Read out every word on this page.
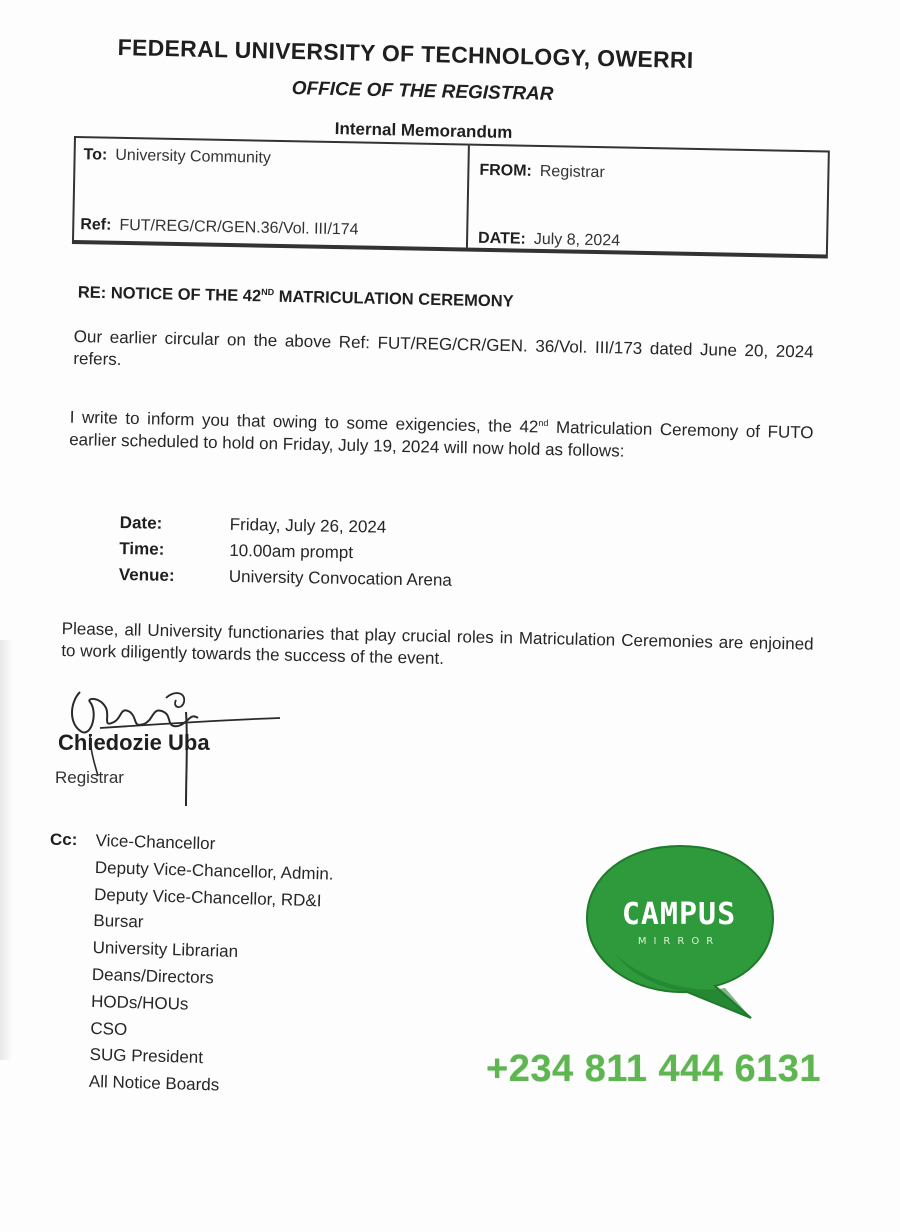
FEDERAL UNIVERSITY OF TECHNOLOGY, OWERRI
OFFICE OF THE REGISTRAR
Internal Memorandum
To: University Community
Ref: FUT/REG/CR/GEN.36/Vol. III/174
FROM: Registrar
DATE: July 8, 2024
RE: NOTICE OF THE 42ND MATRICULATION CEREMONY
Our earlier circular on the above Ref: FUT/REG/CR/GEN. 36/Vol. III/173 dated June 20, 2024 refers.
I write to inform you that owing to some exigencies, the 42nd Matriculation Ceremony of FUTO earlier scheduled to hold on Friday, July 19, 2024 will now hold as follows:
Date:	Friday, July 26, 2024
Time:	10.00am prompt
Venue:	University Convocation Arena
Please, all University functionaries that play crucial roles in Matriculation Ceremonies are enjoined to work diligently towards the success of the event.
Chiedozie Uba
Registrar
Cc: Vice-Chancellor
Deputy Vice-Chancellor, Admin.
Deputy Vice-Chancellor, RD&I
Bursar
University Librarian
Deans/Directors
HODs/HOUs
CSO
SUG President
All Notice Boards
CAMPUS
MIRROR
+234 811 444 6131
